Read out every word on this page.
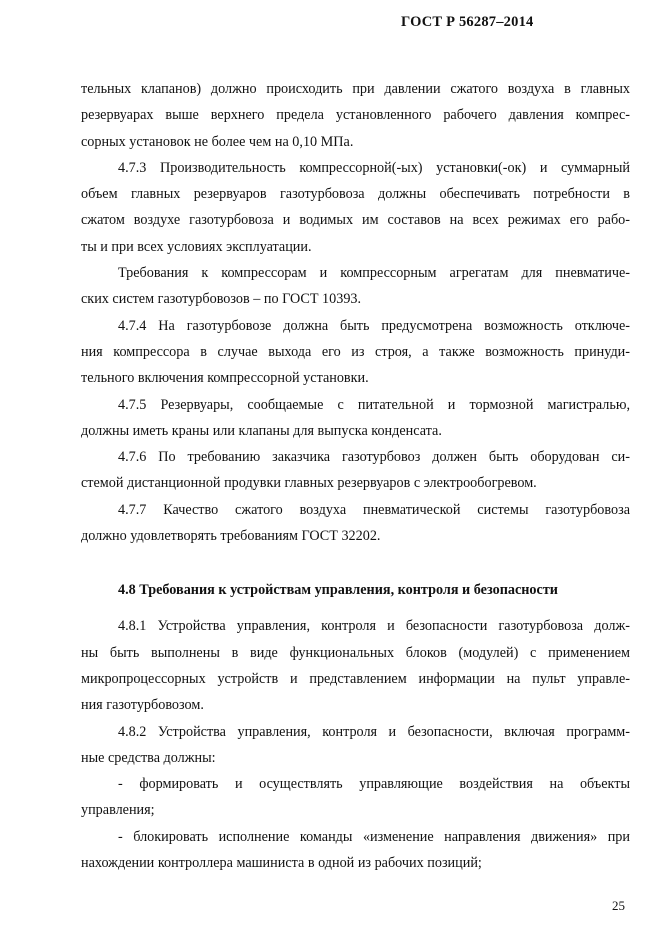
ГОСТ Р 56287–2014
тельных клапанов) должно происходить при давлении сжатого воздуха в главных
резервуарах выше верхнего предела установленного рабочего давления компрес-
сорных установок не более чем на 0,10 МПа.
4.7.3 Производительность компрессорной(-ых) установки(-ок) и суммарный
объем главных резервуаров газотурбовоза должны обеспечивать потребности в
сжатом воздухе газотурбовоза и водимых им составов на всех режимах его рабо-
ты и при всех условиях эксплуатации.
Требования к компрессорам и компрессорным агрегатам для пневматиче-
ских систем газотурбовозов – по ГОСТ 10393.
4.7.4 На газотурбовозе должна быть предусмотрена возможность отключе-
ния компрессора в случае выхода его из строя, а также возможность принуди-
тельного включения компрессорной установки.
4.7.5 Резервуары, сообщаемые с питательной и тормозной магистралью,
должны иметь краны или клапаны для выпуска конденсата.
4.7.6 По требованию заказчика газотурбовоз должен быть оборудован си-
стемой дистанционной продувки главных резервуаров с электрообогревом.
4.7.7 Качество сжатого воздуха пневматической системы газотурбовоза
должно удовлетворять требованиям ГОСТ 32202.
4.8 Требования к устройствам управления, контроля и безопасности
4.8.1 Устройства управления, контроля и безопасности газотурбовоза долж-
ны быть выполнены в виде функциональных блоков (модулей) с применением
микропроцессорных устройств и представлением информации на пульт управле-
ния газотурбовозом.
4.8.2 Устройства управления, контроля и безопасности, включая программ-
ные средства должны:
- формировать и осуществлять управляющие воздействия на объекты
управления;
- блокировать исполнение команды «изменение направления движения» при
нахождении контроллера машиниста в одной из рабочих позиций;
25
